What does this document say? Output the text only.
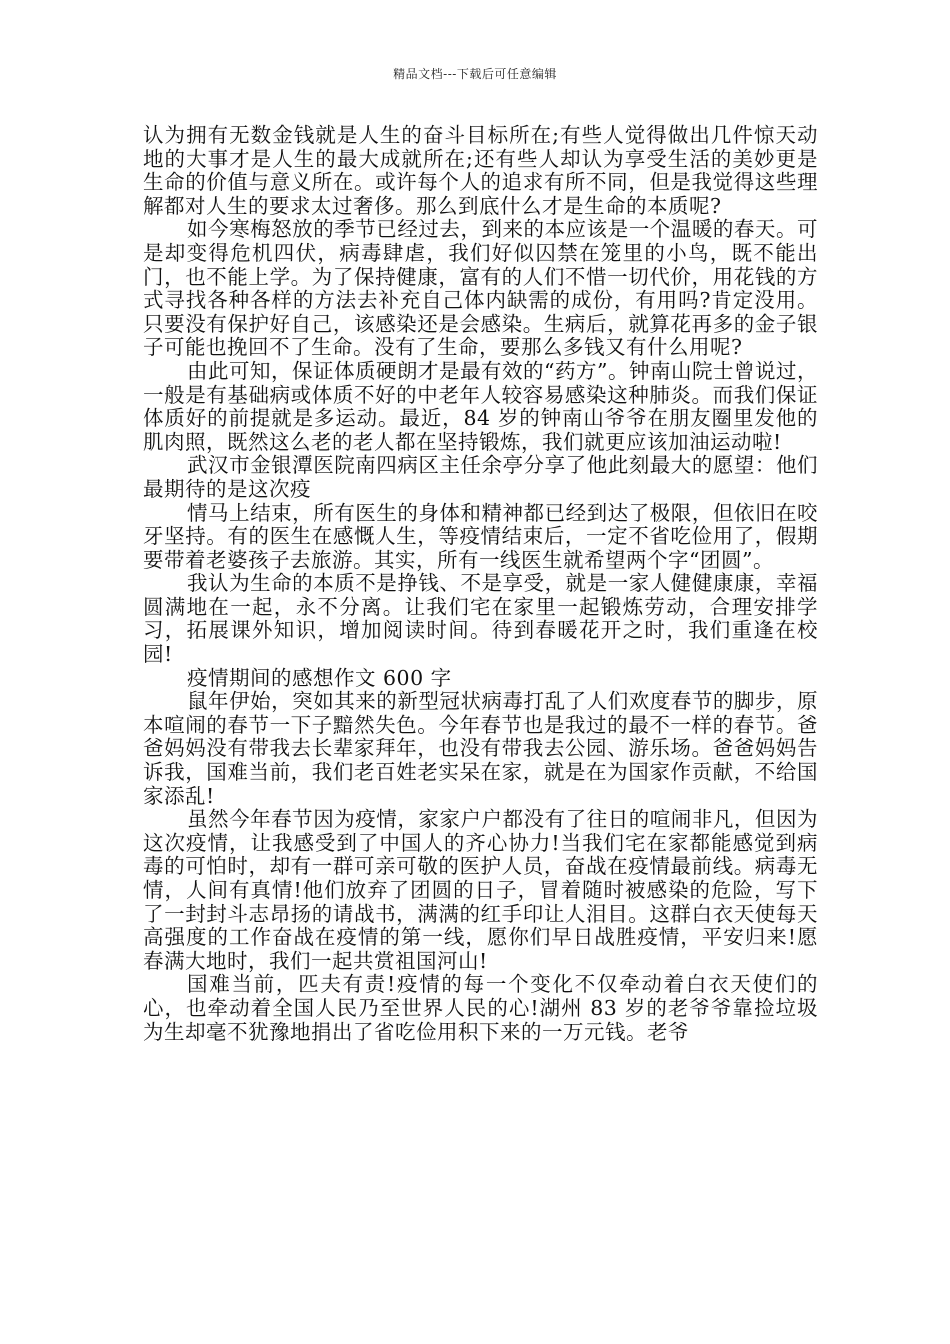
精品文档---下载后可任意编辑

认为拥有无数金钱就是人生的奋斗目标所在;有些人觉得做出几件惊天动地的大事才是人生的最大成就所在;还有些人却认为享受生活的美妙更是生命的价值与意义所在。或许每个人的追求有所不同，但是我觉得这些理解都对人生的要求太过奢侈。那么到底什么才是生命的本质呢?

如今寒梅怒放的季节已经过去，到来的本应该是一个温暖的春天。可是却变得危机四伏，病毒肆虐，我们好似囚禁在笼里的小鸟，既不能出门，也不能上学。为了保持健康，富有的人们不惜一切代价，用花钱的方式寻找各种各样的方法去补充自己体内缺需的成份，有用吗?肯定没用。只要没有保护好自己，该感染还是会感染。生病后，就算花再多的金子银子可能也挽回不了生命。没有了生命，要那么多钱又有什么用呢?

由此可知，保证体质硬朗才是最有效的“药方”。钟南山院士曾说过，一般是有基础病或体质不好的中老年人较容易感染这种肺炎。而我们保证体质好的前提就是多运动。最近，84 岁的钟南山爷爷在朋友圈里发他的肌肉照，既然这么老的老人都在坚持锻炼，我们就更应该加油运动啦!

武汉市金银潭医院南四病区主任余亭分享了他此刻最大的愿望：他们最期待的是这次疫

情马上结束，所有医生的身体和精神都已经到达了极限，但依旧在咬牙坚持。有的医生在感慨人生，等疫情结束后，一定不省吃俭用了，假期要带着老婆孩子去旅游。其实，所有一线医生就希望两个字“团圆”。

我认为生命的本质不是挣钱、不是享受，就是一家人健健康康，幸福圆满地在一起，永不分离。让我们宅在家里一起锻炼劳动，合理安排学习，拓展课外知识，增加阅读时间。待到春暖花开之时，我们重逢在校园!

疫情期间的感想作文 600 字

鼠年伊始，突如其来的新型冠状病毒打乱了人们欢度春节的脚步，原本喧闹的春节一下子黯然失色。今年春节也是我过的最不一样的春节。爸爸妈妈没有带我去长辈家拜年，也没有带我去公园、游乐场。爸爸妈妈告诉我，国难当前，我们老百姓老实呆在家，就是在为国家作贡献，不给国家添乱!

虽然今年春节因为疫情，家家户户都没有了往日的喧闹非凡，但因为这次疫情，让我感受到了中国人的齐心协力!当我们宅在家都能感觉到病毒的可怕时，却有一群可亲可敬的医护人员，奋战在疫情最前线。病毒无情，人间有真情!他们放弃了团圆的日子，冒着随时被感染的危险，写下了一封封斗志昂扬的请战书，满满的红手印让人泪目。这群白衣天使每天高强度的工作奋战在疫情的第一线，愿你们早日战胜疫情，平安归来!愿春满大地时，我们一起共赏祖国河山!

国难当前，匹夫有责!疫情的每一个变化不仅牵动着白衣天使们的心，也牵动着全国人民乃至世界人民的心!湖州 83 岁的老爷爷靠捡垃圾为生却毫不犹豫地捐出了省吃俭用积下来的一万元钱。老爷
